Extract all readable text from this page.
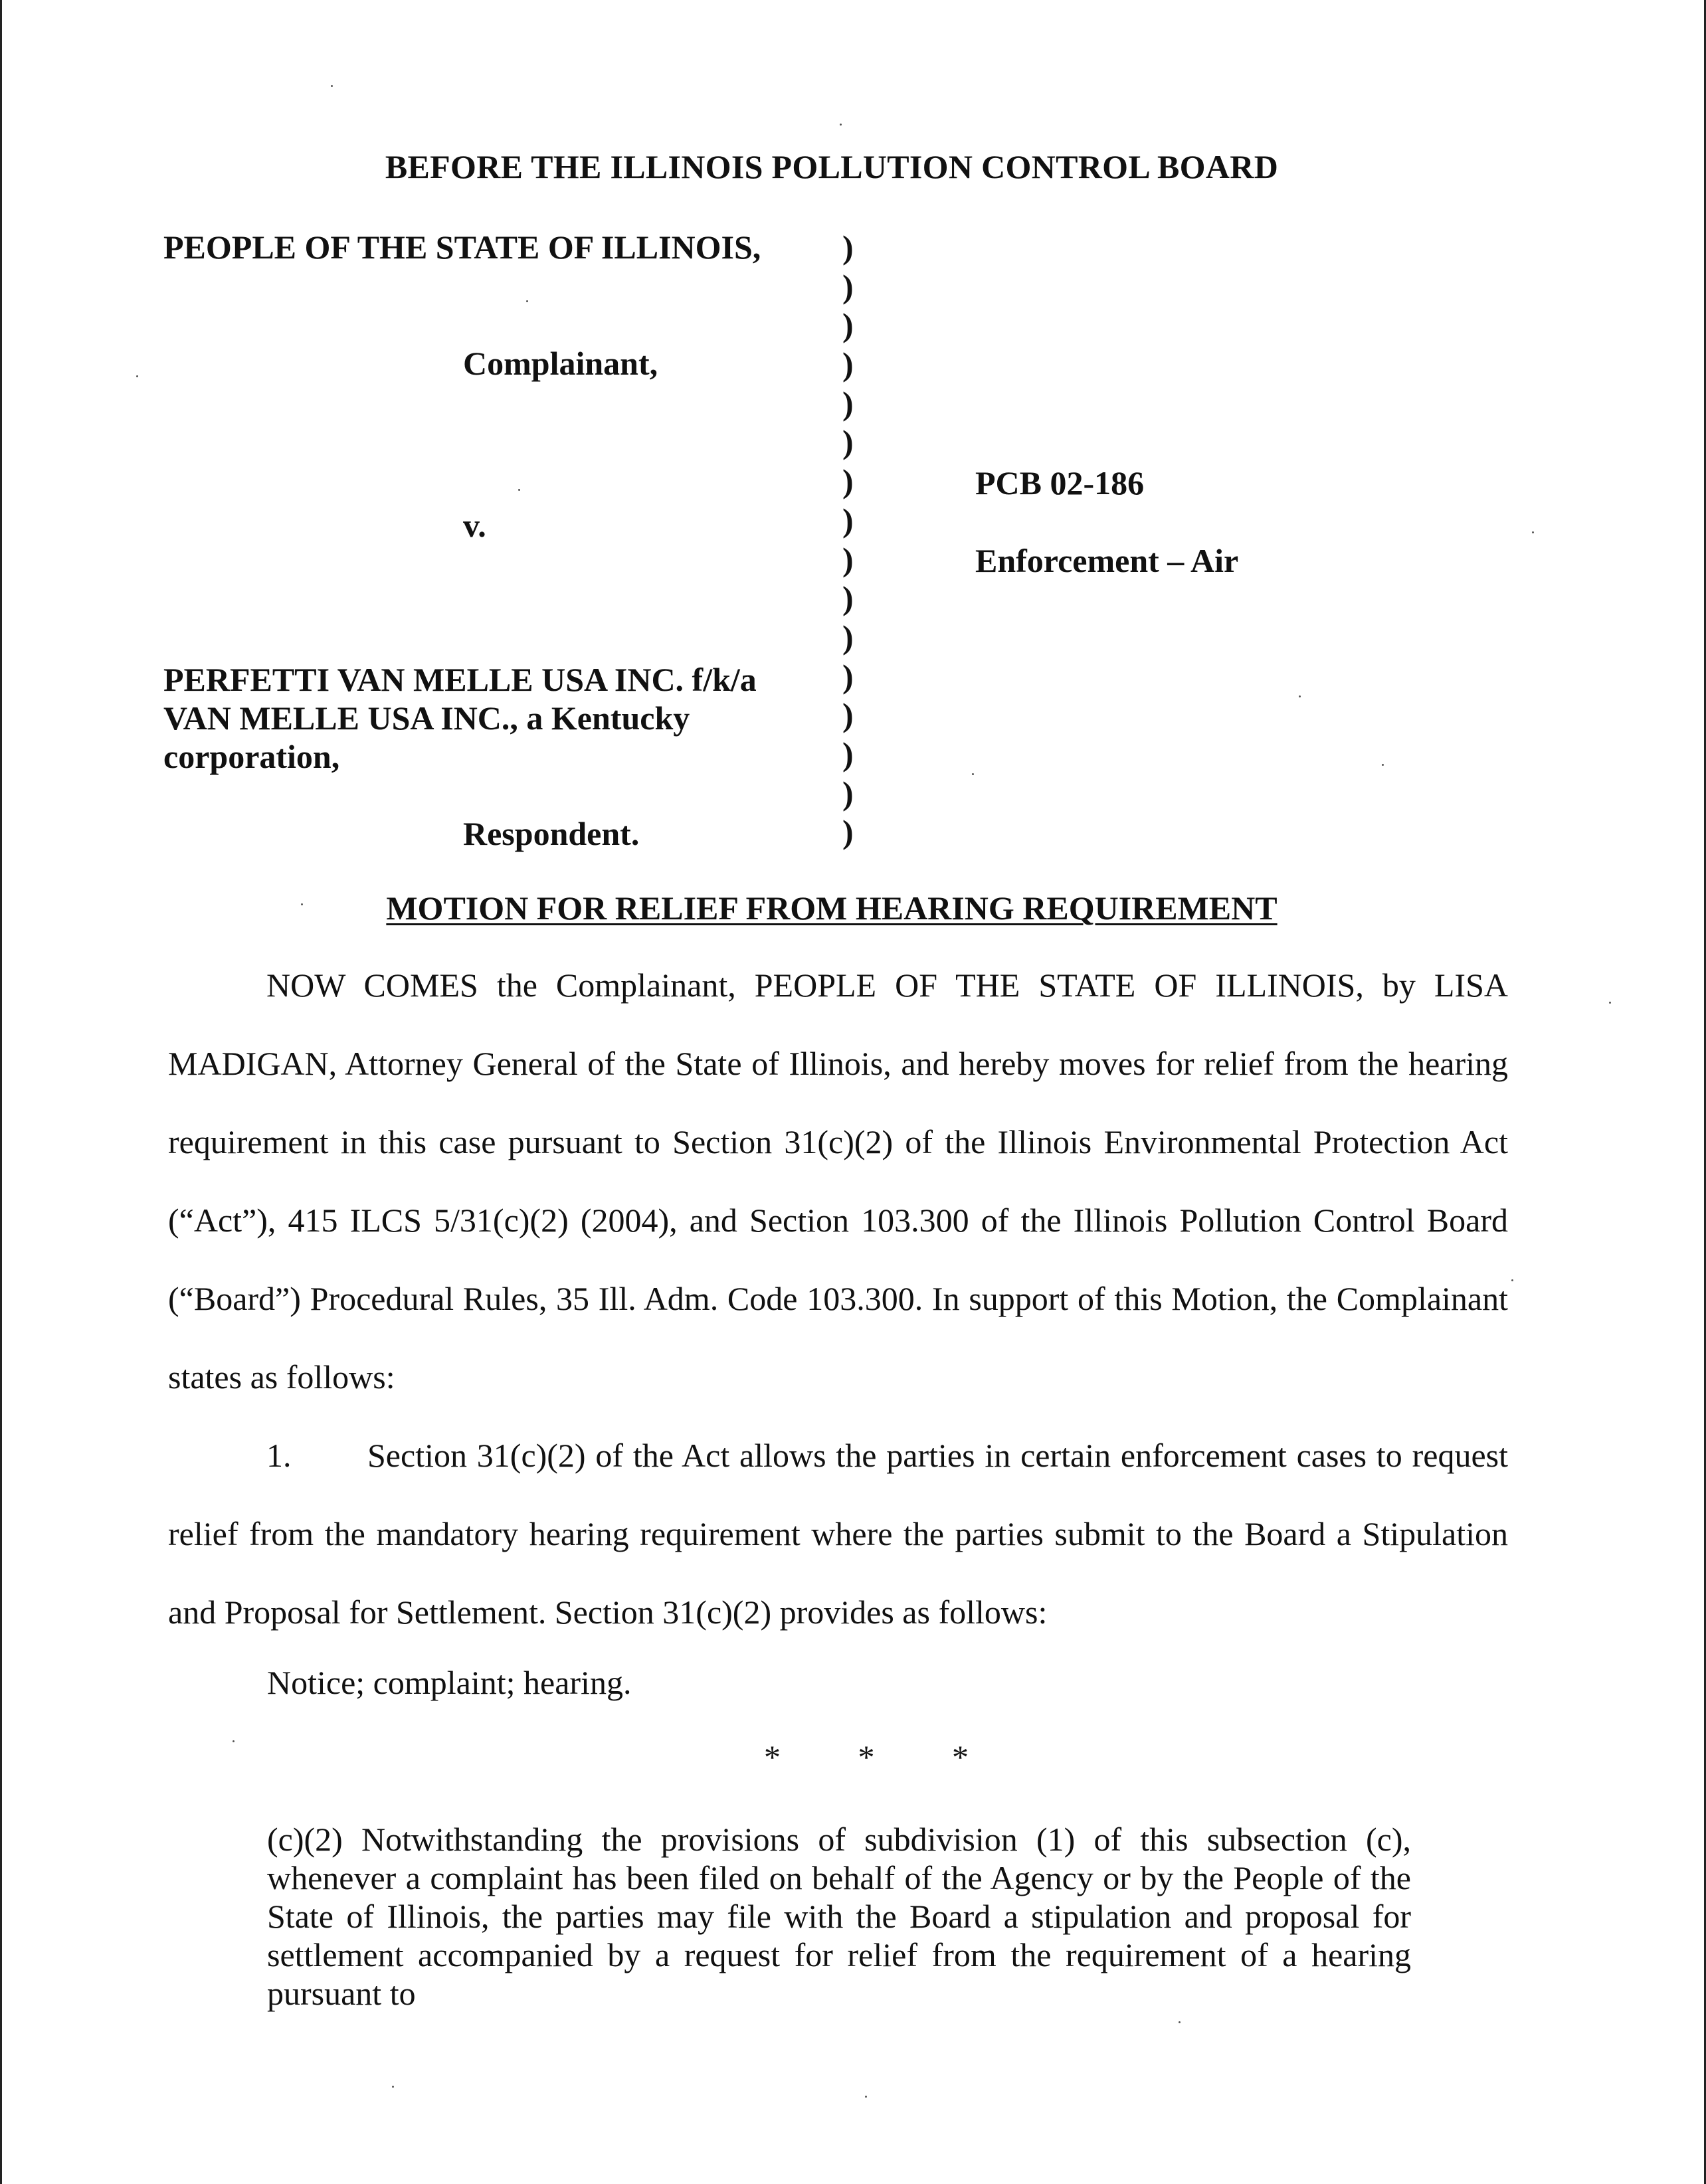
BEFORE THE ILLINOIS POLLUTION CONTROL BOARD
PEOPLE OF THE STATE OF ILLINOIS,
Complainant,
v.
PERFETTI VAN MELLE USA INC. f/k/a
VAN MELLE USA INC., a Kentucky
corporation,
Respondent.
)
)
)
)
)
)
)
)
)
)
)
)
)
)
)
)
PCB 02-186
Enforcement – Air
MOTION FOR RELIEF FROM HEARING REQUIREMENT

NOW COMES the Complainant, PEOPLE OF THE STATE OF ILLINOIS, by LISA MADIGAN, Attorney General of the State of Illinois, and hereby moves for relief from the hearing requirement in this case pursuant to Section 31(c)(2) of the Illinois Environmental Protection Act (“Act”), 415 ILCS 5/31(c)(2) (2004), and Section 103.300 of the Illinois Pollution Control Board (“Board”) Procedural Rules, 35 Ill. Adm. Code 103.300. In support of this Motion, the Complainant states as follows:

1. Section 31(c)(2) of the Act allows the parties in certain enforcement cases to request relief from the mandatory hearing requirement where the parties submit to the Board a Stipulation and Proposal for Settlement. Section 31(c)(2) provides as follows:

Notice; complaint; hearing.

* * *

(c)(2) Notwithstanding the provisions of subdivision (1) of this subsection (c), whenever a complaint has been filed on behalf of the Agency or by the People of the State of Illinois, the parties may file with the Board a stipulation and proposal for settlement accompanied by a request for relief from the requirement of a hearing pursuant to
